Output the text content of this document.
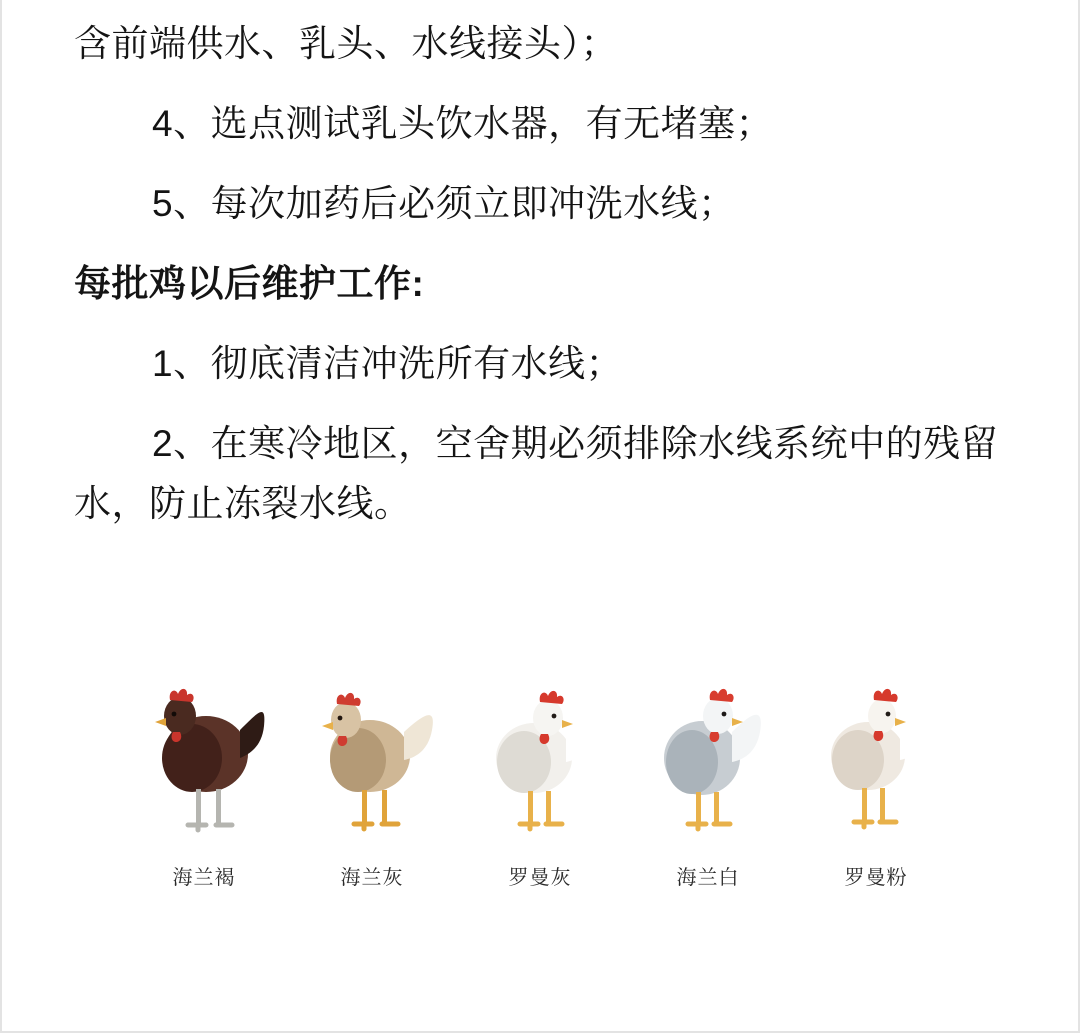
含前端供水、乳头、水线接头）；

4、选点测试乳头饮水器，有无堵塞；

5、每次加药后必须立即冲洗水线；

每批鸡以后维护工作:

1、彻底清洁冲洗所有水线；

2、在寒冷地区，空舍期必须排除水线系统中的残留水，防止冻裂水线。

海兰褐	海兰灰	罗曼灰	海兰白	罗曼粉
